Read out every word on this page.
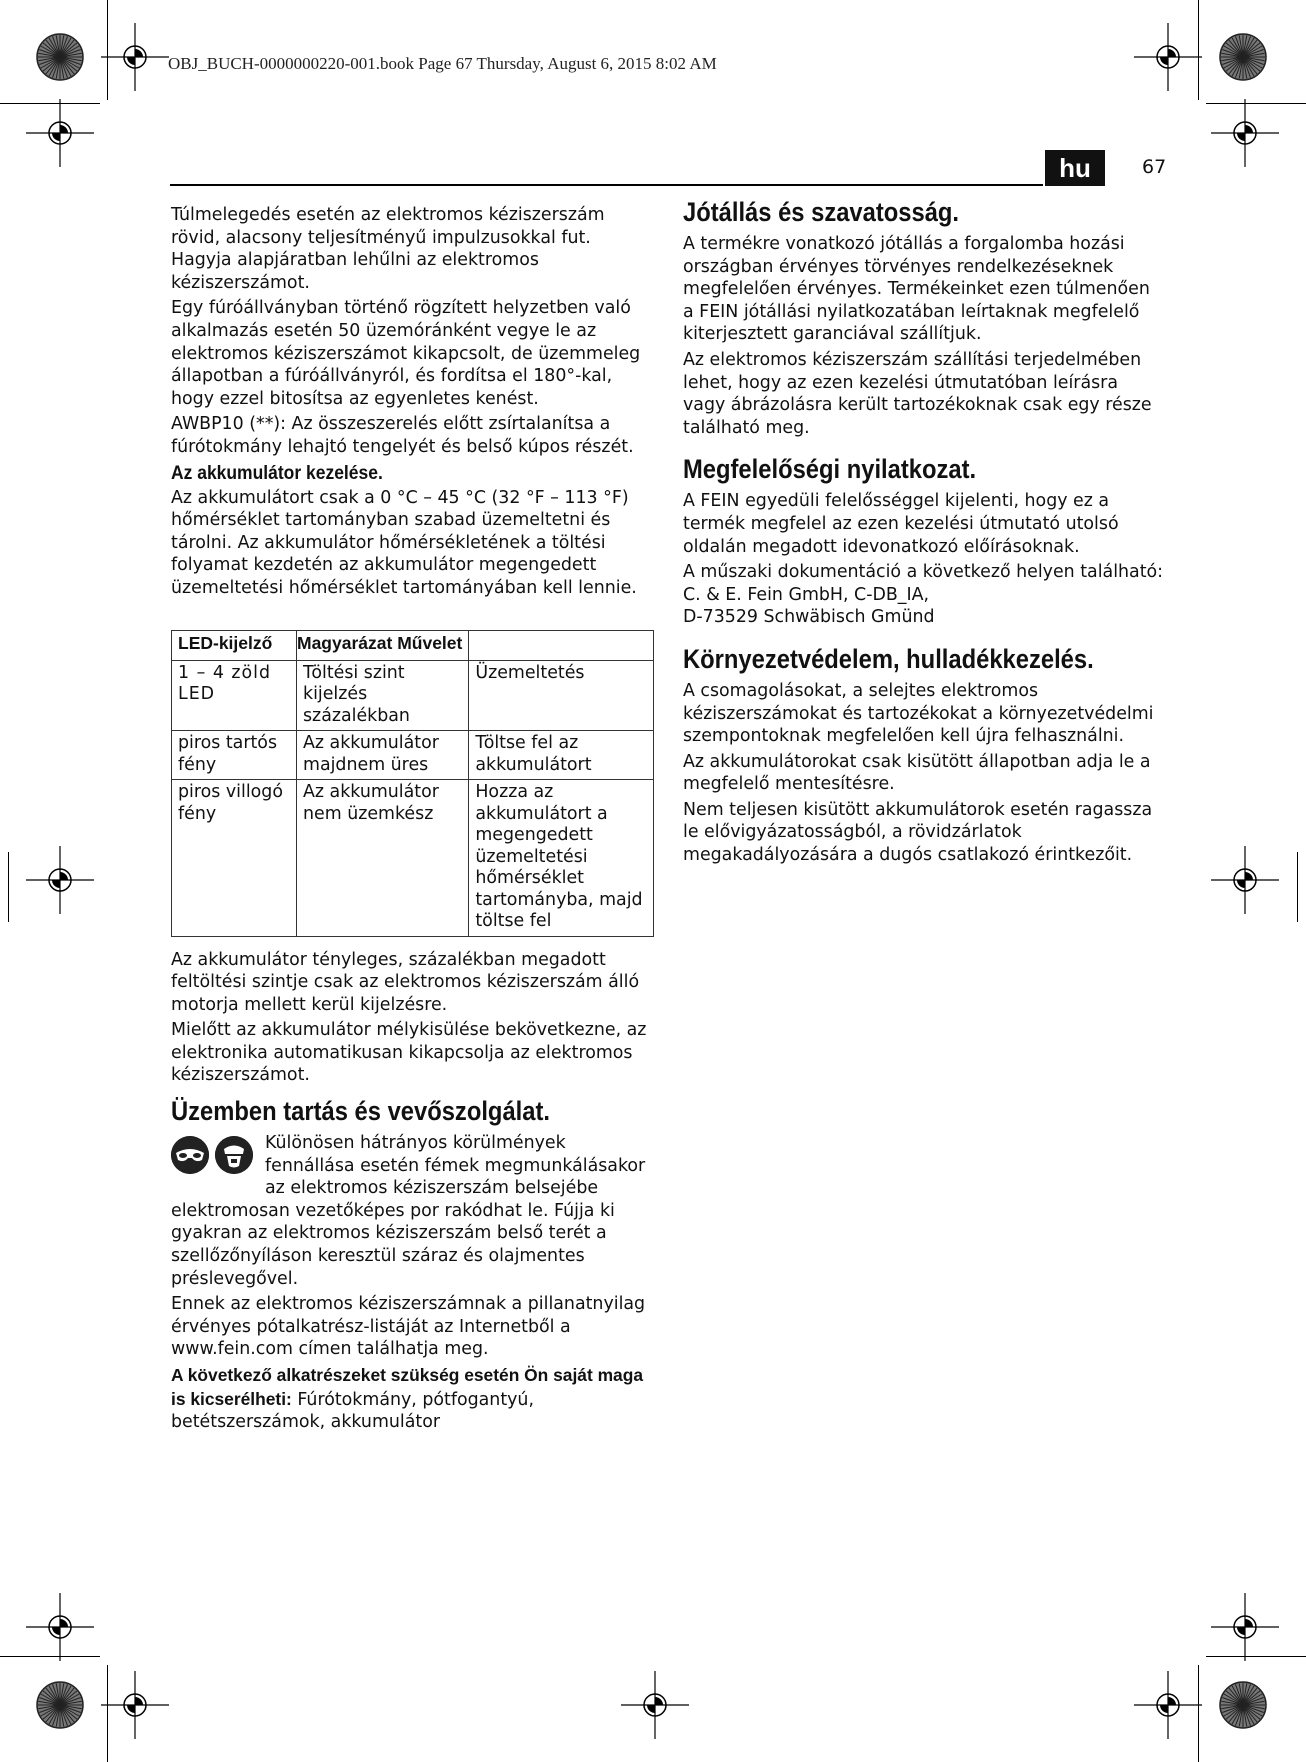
OBJ_BUCH-0000000220-001.book Page 67 Thursday, August 6, 2015 8:02 AM
hu	67

Túlmelegedés esetén az elektromos kéziszerszám rövid, alacsony teljesítményű impulzusokkal fut. Hagyja alapjáratban lehűlni az elektromos kéziszerszámot.

Egy fúróállványban történő rögzített helyzetben való alkalmazás esetén 50 üzemóránként vegye le az elektromos kéziszerszámot kikapcsolt, de üzemmeleg állapotban a fúróállványról, és fordítsa el 180°-kal, hogy ezzel bitosítsa az egyenletes kenést.

AWBP10 (**): Az összeszerelés előtt zsírtalanítsa a fúrótokmány lehajtó tengelyét és belső kúpos részét.

Az akkumulátor kezelése.

Az akkumulátort csak a 0 °C – 45 °C (32 °F – 113 °F) hőmérséklet tartományban szabad üzemeltetni és tárolni. Az akkumulátor hőmérsékletének a töltési folyamat kezdetén az akkumulátor megengedett üzemeltetési hőmérséklet tartományában kell lennie.

LED-kijelző	Magyarázat Művelet	
1 – 4 zöld LED	Töltési szint kijelzés százalékban	Üzemeltetés
piros tartós fény	Az akkumulátor majdnem üres	Töltse fel az akkumulátort
piros villogó fény	Az akkumulátor nem üzemkész	Hozza az akkumulátort a megengedett üzemeltetési hőmérséklet tartományba, majd töltse fel

Az akkumulátor tényleges, százalékban megadott feltöltési szintje csak az elektromos kéziszerszám álló motorja mellett kerül kijelzésre.

Mielőtt az akkumulátor mélykisülése bekövetkezne, az elektronika automatikusan kikapcsolja az elektromos kéziszerszámot.

Üzemben tartás és vevőszolgálat.
Különösen hátrányos körülmények fennállása esetén fémek megmunkálásakor az elektromos kéziszerszám belsejébe elektromosan vezetőképes por rakódhat le. Fújja ki gyakran az elektromos kéziszerszám belső terét a szellőzőnyíláson keresztül száraz és olajmentes préslevegővel.

Ennek az elektromos kéziszerszámnak a pillanatnyilag érvényes pótalkatrész-listáját az Internetből a www.fein.com címen találhatja meg.

A következő alkatrészeket szükség esetén Ön saját maga is kicserélheti: Fúrótokmány, pótfogantyú, betétszerszámok, akkumulátor

Jótállás és szavatosság.

A termékre vonatkozó jótállás a forgalomba hozási országban érvényes törvényes rendelkezéseknek megfelelően érvényes. Termékeinket ezen túlmenően a FEIN jótállási nyilatkozatában leírtaknak megfelelő kiterjesztett garanciával szállítjuk.

Az elektromos kéziszerszám szállítási terjedelmében lehet, hogy az ezen kezelési útmutatóban leírásra vagy ábrázolásra került tartozékoknak csak egy része található meg.

Megfelelőségi nyilatkozat.

A FEIN egyedüli felelősséggel kijelenti, hogy ez a termék megfelel az ezen kezelési útmutató utolsó oldalán megadott idevonatkozó előírásoknak.

A műszaki dokumentáció a következő helyen található:

C. & E. Fein GmbH, C-DB_IA,

D-73529 Schwäbisch Gmünd

Környezetvédelem, hulladékkezelés.

A csomagolásokat, a selejtes elektromos kéziszerszámokat és tartozékokat a környezetvédelmi szempontoknak megfelelően kell újra felhasználni.

Az akkumulátorokat csak kisütött állapotban adja le a megfelelő mentesítésre.

Nem teljesen kisütött akkumulátorok esetén ragassza le elővigyázatosságból, a rövidzárlatok megakadályozására a dugós csatlakozó érintkezőit.
